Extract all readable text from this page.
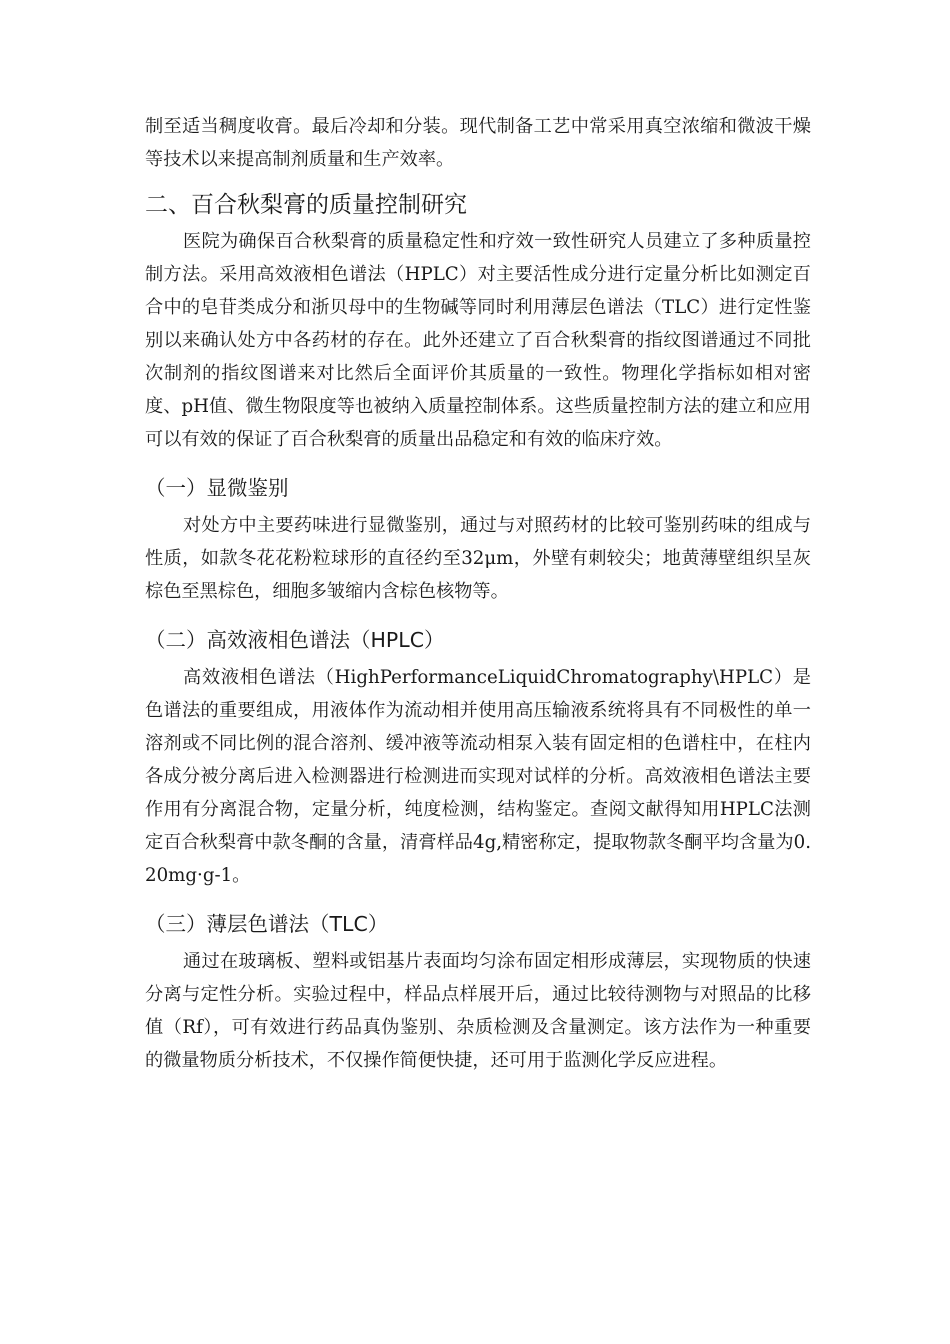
制至适当稠度收膏。最后冷却和分装。现代制备工艺中常采用真空浓缩和微波干燥等技术以来提高制剂质量和生产效率。

二、百合秋梨膏的质量控制研究

医院为确保百合秋梨膏的质量稳定性和疗效一致性研究人员建立了多种质量控制方法。采用高效液相色谱法（HPLC）对主要活性成分进行定量分析比如测定百合中的皂苷类成分和浙贝母中的生物碱等同时利用薄层色谱法（TLC）进行定性鉴别以来确认处方中各药材的存在。此外还建立了百合秋梨膏的指纹图谱通过不同批次制剂的指纹图谱来对比然后全面评价其质量的一致性。物理化学指标如相对密度、pH值、微生物限度等也被纳入质量控制体系。这些质量控制方法的建立和应用可以有效的保证了百合秋梨膏的质量出品稳定和有效的临床疗效。

（一）显微鉴别

对处方中主要药味进行显微鉴别，通过与对照药材的比较可鉴别药味的组成与性质，如款冬花花粉粒球形的直径约至32μm，外壁有刺较尖；地黄薄壁组织呈灰棕色至黑棕色，细胞多皱缩内含棕色核物等。

（二）高效液相色谱法（HPLC）

高效液相色谱法（HighPerformanceLiquidChromatography\HPLC）是色谱法的重要组成，用液体作为流动相并使用高压输液系统将具有不同极性的单一溶剂或不同比例的混合溶剂、缓冲液等流动相泵入装有固定相的色谱柱中，在柱内各成分被分离后进入检测器进行检测进而实现对试样的分析。高效液相色谱法主要作用有分离混合物，定量分析，纯度检测，结构鉴定。查阅文献得知用HPLC法测定百合秋梨膏中款冬酮的含量，清膏样品4g,精密称定，提取物款冬酮平均含量为0.20mg·g-1。

（三）薄层色谱法（TLC）

通过在玻璃板、塑料或铝基片表面均匀涂布固定相形成薄层，实现物质的快速分离与定性分析。实验过程中，样品点样展开后，通过比较待测物与对照品的比移值（Rf），可有效进行药品真伪鉴别、杂质检测及含量测定。该方法作为一种重要的微量物质分析技术，不仅操作简便快捷，还可用于监测化学反应进程。
